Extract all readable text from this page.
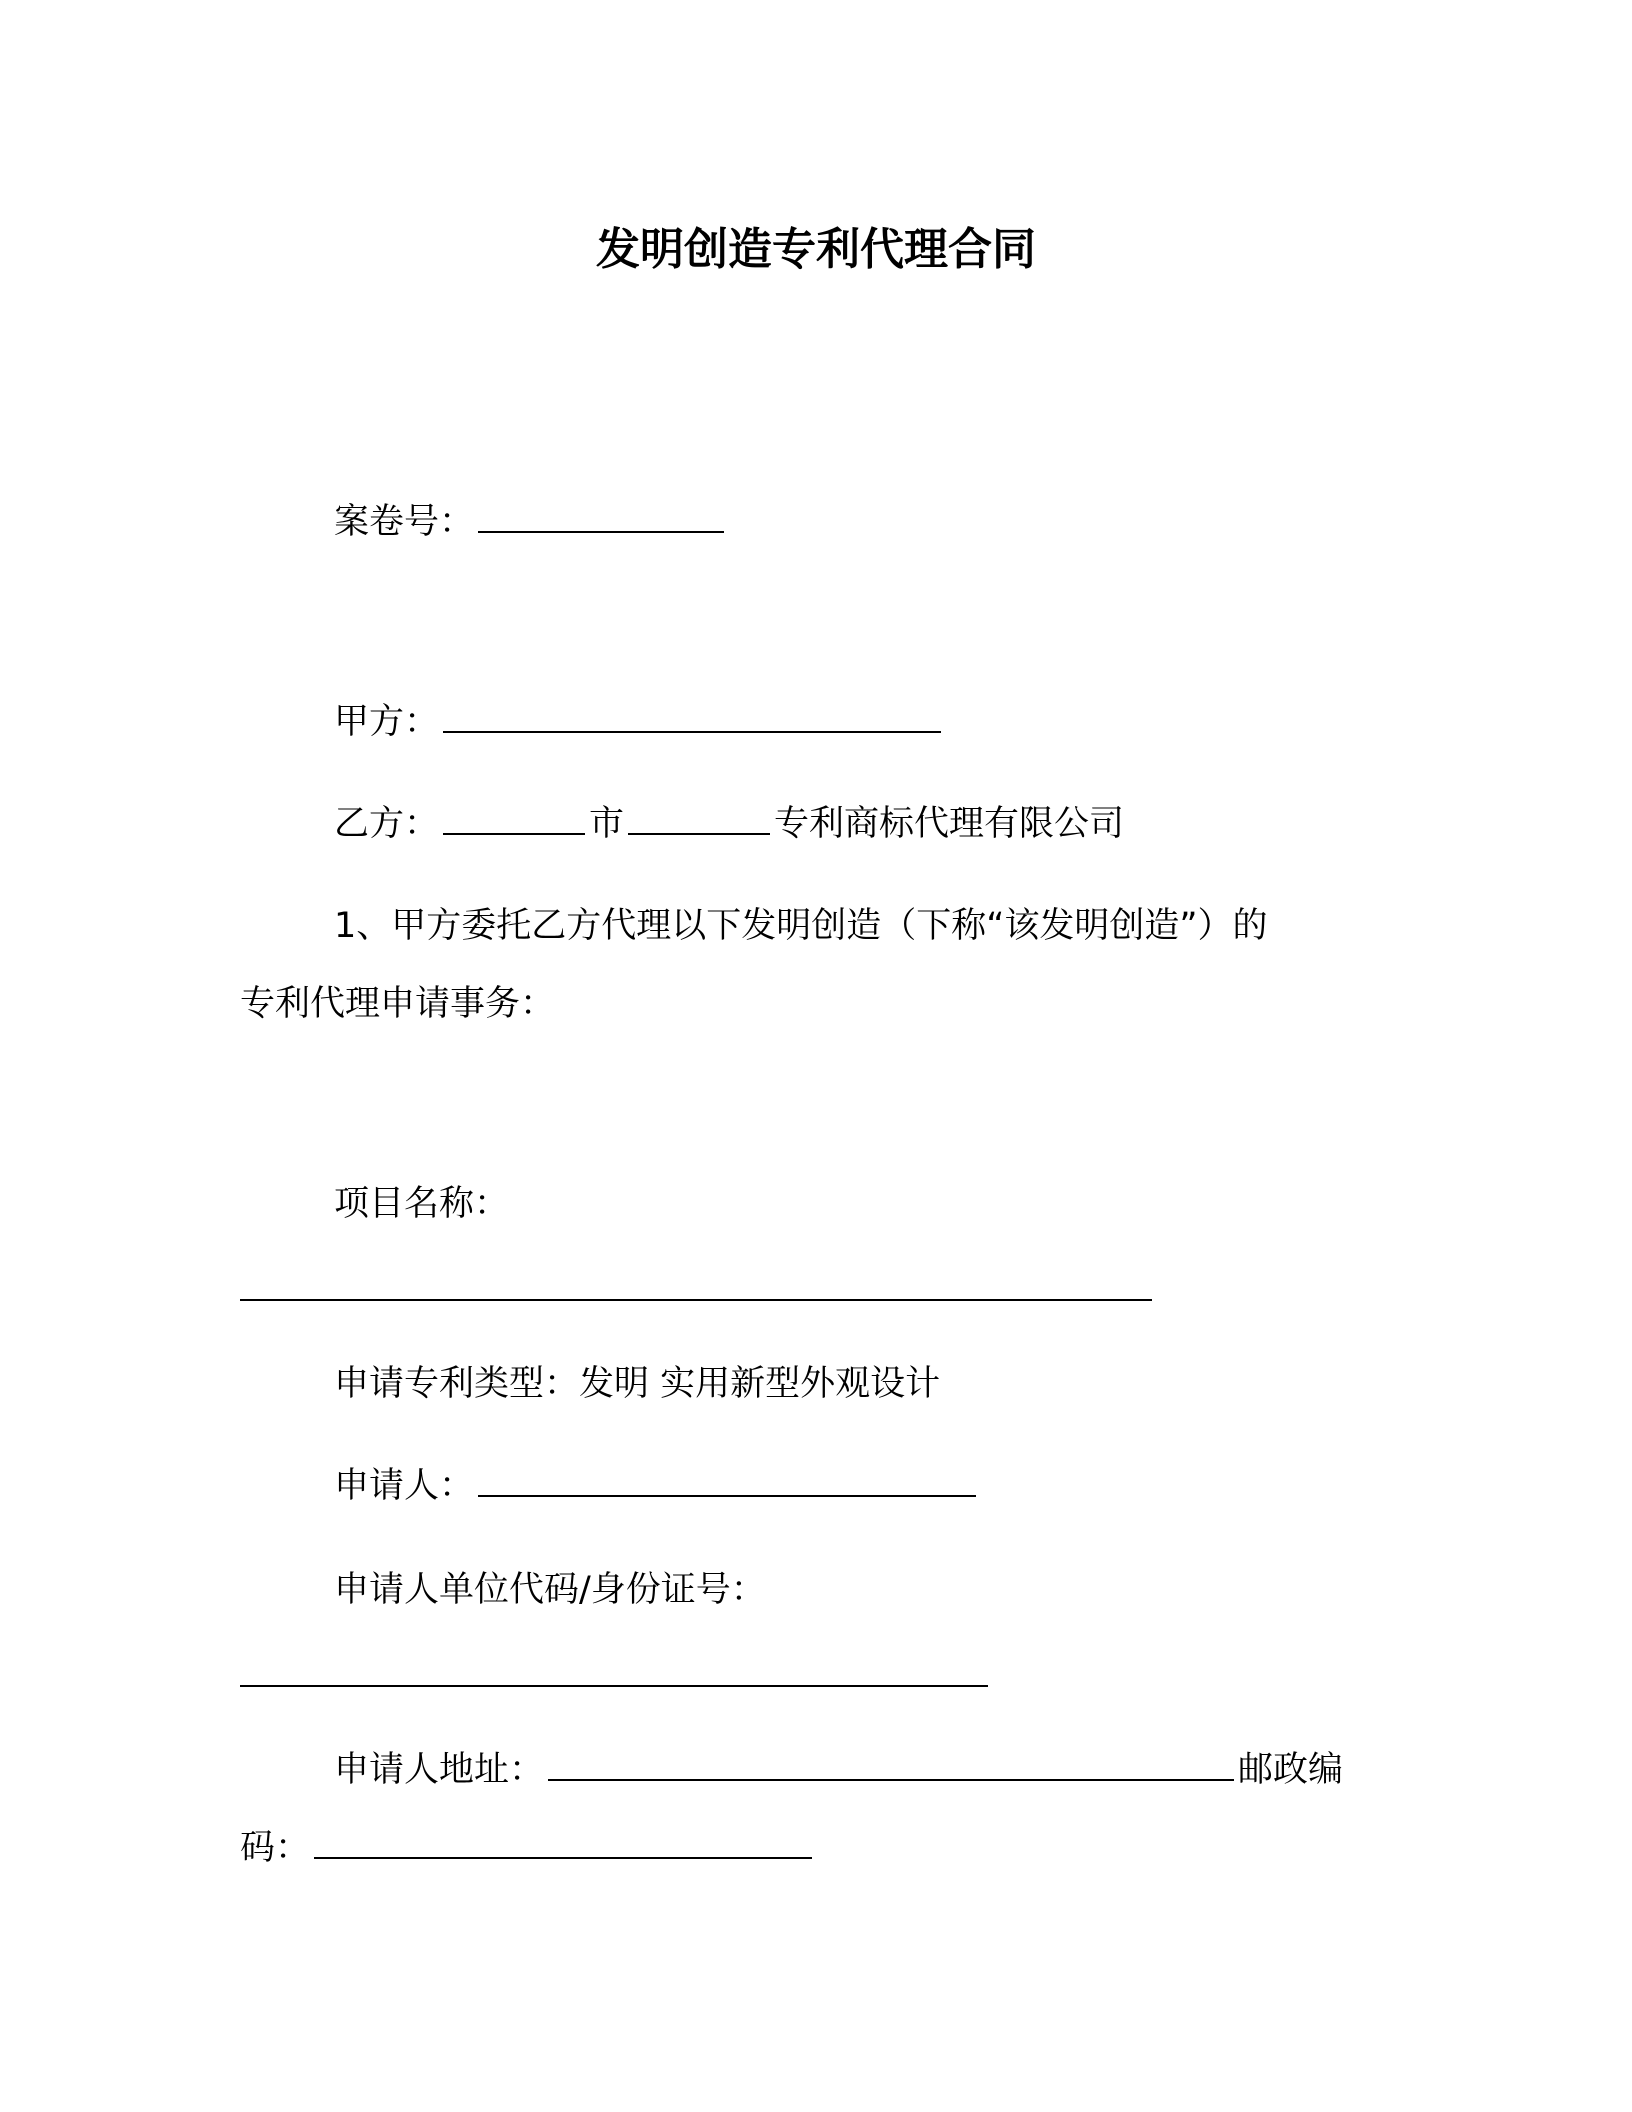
发明创造专利代理合同
案卷号：
甲方：
乙方：	市	专利商标代理有限公司
1、甲方委托乙方代理以下发明创造（下称“该发明创造”）的
专利代理申请事务：
项目名称：
申请专利类型：发明 实用新型外观设计
申请人：
申请人单位代码/身份证号：
申请人地址：	邮政编
码：
